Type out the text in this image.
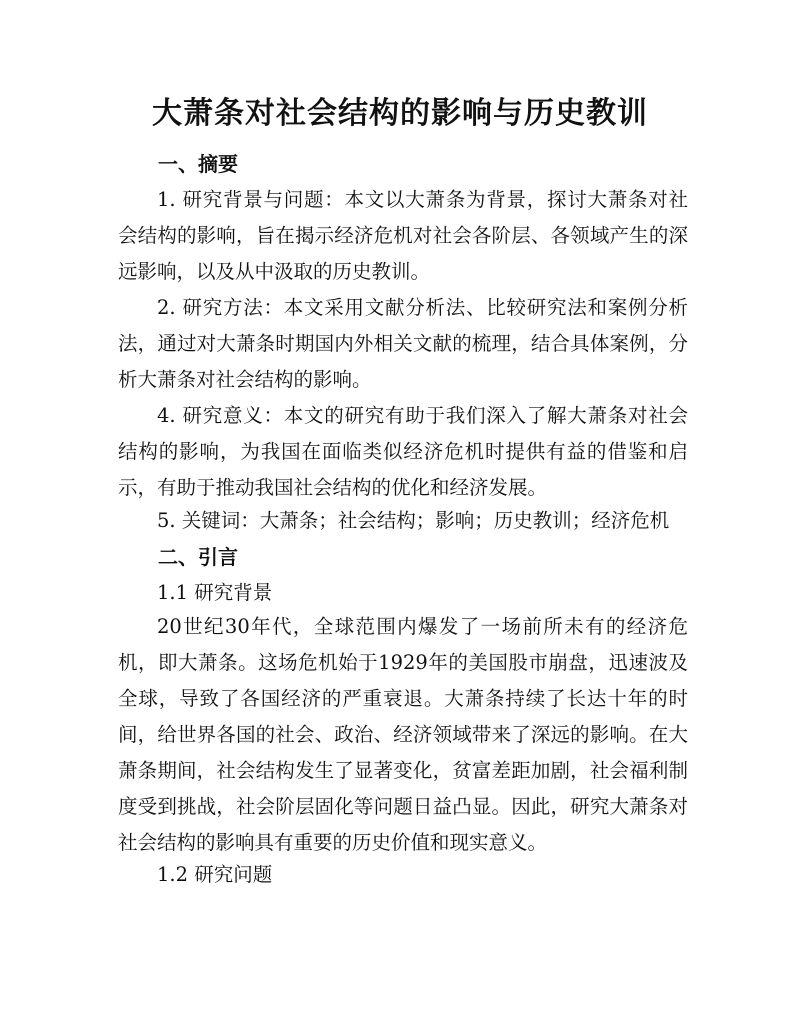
大萧条对社会结构的影响与历史教训
一、摘要
1. 研究背景与问题：本文以大萧条为背景，探讨大萧条对社会结构的影响，旨在揭示经济危机对社会各阶层、各领域产生的深远影响，以及从中汲取的历史教训。
2. 研究方法：本文采用文献分析法、比较研究法和案例分析法，通过对大萧条时期国内外相关文献的梳理，结合具体案例，分析大萧条对社会结构的影响。
4. 研究意义：本文的研究有助于我们深入了解大萧条对社会结构的影响，为我国在面临类似经济危机时提供有益的借鉴和启示，有助于推动我国社会结构的优化和经济发展。
5. 关键词：大萧条；社会结构；影响；历史教训；经济危机
二、引言
1.1 研究背景
20世纪30年代，全球范围内爆发了一场前所未有的经济危机，即大萧条。这场危机始于1929年的美国股市崩盘，迅速波及全球，导致了各国经济的严重衰退。大萧条持续了长达十年的时间，给世界各国的社会、政治、经济领域带来了深远的影响。在大萧条期间，社会结构发生了显著变化，贫富差距加剧，社会福利制度受到挑战，社会阶层固化等问题日益凸显。因此，研究大萧条对社会结构的影响具有重要的历史价值和现实意义。
1.2 研究问题
